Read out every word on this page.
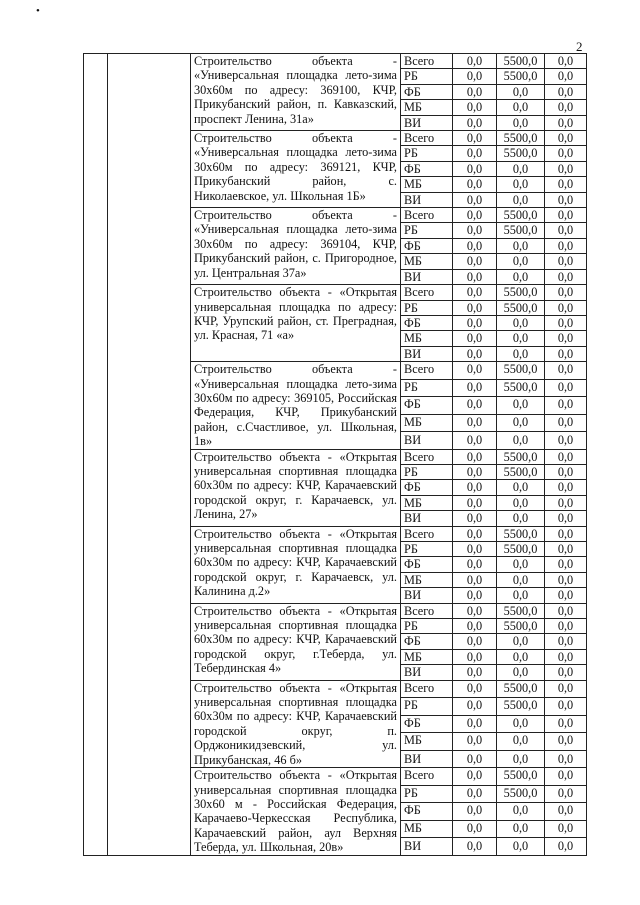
•
2
		Строительство объекта - «Универсальная площадка лето-зима 30х60м по адресу: 369100, КЧР, Прикубанский район, п. Кавказский, проспект Ленина, 31а»	Всего	0,0	5500,0	0,0
			РБ	0,0	5500,0	0,0
			ФБ	0,0	0,0	0,0
			МБ	0,0	0,0	0,0
			ВИ	0,0	0,0	0,0
		Строительство объекта - «Универсальная площадка лето-зима 30х60м по адресу: 369121, КЧР, Прикубанский район, с. Николаевское, ул. Школьная 1Б»	Всего	0,0	5500,0	0,0
			РБ	0,0	5500,0	0,0
			ФБ	0,0	0,0	0,0
			МБ	0,0	0,0	0,0
			ВИ	0,0	0,0	0,0
		Строительство объекта - «Универсальная площадка лето-зима 30х60м по адресу: 369104, КЧР, Прикубанский район, с. Пригородное, ул. Центральная 37а»	Всего	0,0	5500,0	0,0
			РБ	0,0	5500,0	0,0
			ФБ	0,0	0,0	0,0
			МБ	0,0	0,0	0,0
			ВИ	0,0	0,0	0,0
		Строительство объекта - «Открытая универсальная площадка по адресу: КЧР, Урупский район, ст. Преградная, ул. Красная, 71 «а»	Всего	0,0	5500,0	0,0
			РБ	0,0	5500,0	0,0
			ФБ	0,0	0,0	0,0
			МБ	0,0	0,0	0,0
			ВИ	0,0	0,0	0,0
		Строительство объекта - «Универсальная площадка лето-зима 30х60м по адресу: 369105, Российская Федерация, КЧР, Прикубанский район, с.Счастливое, ул. Школьная, 1в»	Всего	0,0	5500,0	0,0
			РБ	0,0	5500,0	0,0
			ФБ	0,0	0,0	0,0
			МБ	0,0	0,0	0,0
			ВИ	0,0	0,0	0,0
		Строительство объекта - «Открытая универсальная спортивная площадка 60х30м по адресу: КЧР, Карачаевский городской округ, г. Карачаевск, ул. Ленина, 27»	Всего	0,0	5500,0	0,0
			РБ	0,0	5500,0	0,0
			ФБ	0,0	0,0	0,0
			МБ	0,0	0,0	0,0
			ВИ	0,0	0,0	0,0
		Строительство объекта - «Открытая универсальная спортивная площадка 60х30м по адресу: КЧР, Карачаевский городской округ, г. Карачаевск, ул. Калинина д.2»	Всего	0,0	5500,0	0,0
			РБ	0,0	5500,0	0,0
			ФБ	0,0	0,0	0,0
			МБ	0,0	0,0	0,0
			ВИ	0,0	0,0	0,0
		Строительство объекта - «Открытая универсальная спортивная площадка 60х30м по адресу: КЧР, Карачаевский городской округ, г.Теберда, ул. Тебердинская 4»	Всего	0,0	5500,0	0,0
			РБ	0,0	5500,0	0,0
			ФБ	0,0	0,0	0,0
			МБ	0,0	0,0	0,0
			ВИ	0,0	0,0	0,0
		Строительство объекта - «Открытая универсальная спортивная площадка 60х30м по адресу: КЧР, Карачаевский городской округ, п. Орджоникидзевский, ул. Прикубанская, 46 б»	Всего	0,0	5500,0	0,0
			РБ	0,0	5500,0	0,0
			ФБ	0,0	0,0	0,0
			МБ	0,0	0,0	0,0
			ВИ	0,0	0,0	0,0
		Строительство объекта - «Открытая универсальная спортивная площадка 30х60 м - Российская Федерация, Карачаево-Черкесская Республика, Карачаевский район, аул Верхняя Теберда, ул. Школьная, 20в»	Всего	0,0	5500,0	0,0
			РБ	0,0	5500,0	0,0
			ФБ	0,0	0,0	0,0
			МБ	0,0	0,0	0,0
			ВИ	0,0	0,0	0,0
